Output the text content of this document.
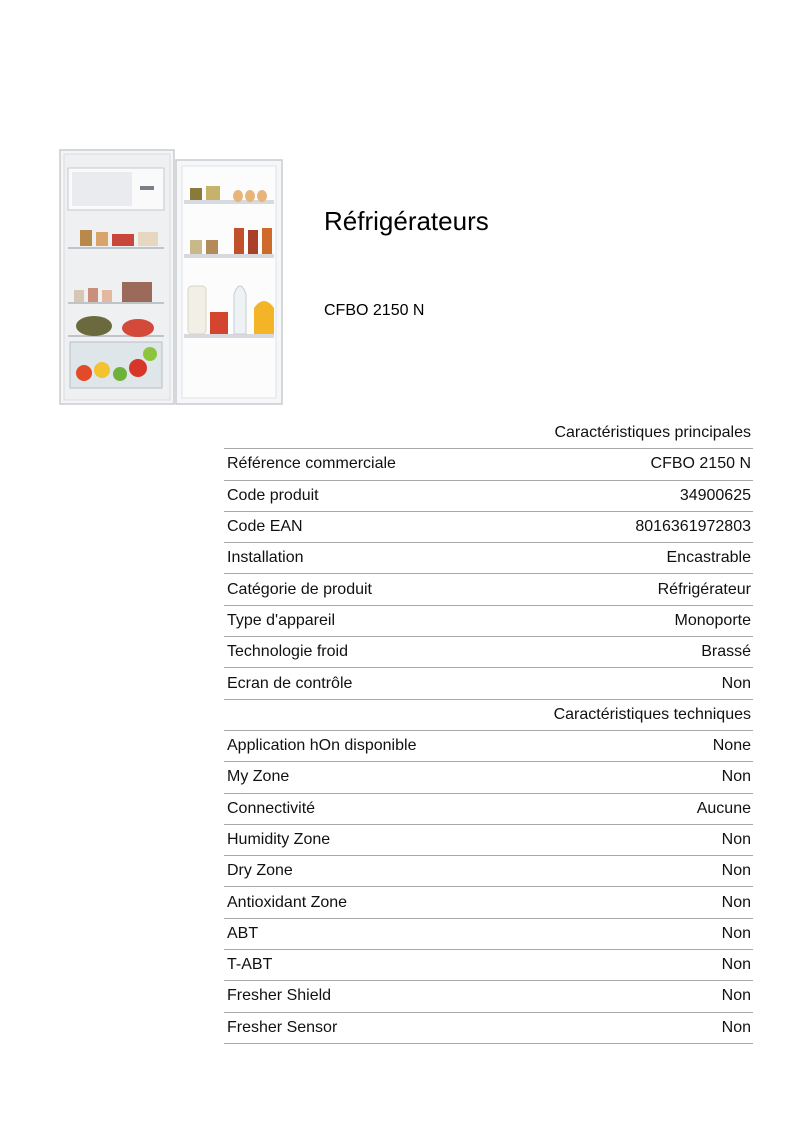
Réfrigérateurs
CFBO 2150 N
Caractéristiques principales
Référence commerciale	CFBO 2150 N
Code produit	34900625
Code EAN	8016361972803
Installation	Encastrable
Catégorie de produit	Réfrigérateur
Type d'appareil	Monoporte
Technologie froid	Brassé
Ecran de contrôle	Non
Caractéristiques techniques
Application hOn disponible	None
My Zone	Non
Connectivité	Aucune
Humidity Zone	Non
Dry Zone	Non
Antioxidant Zone	Non
ABT	Non
T-ABT	Non
Fresher Shield	Non
Fresher Sensor	Non
